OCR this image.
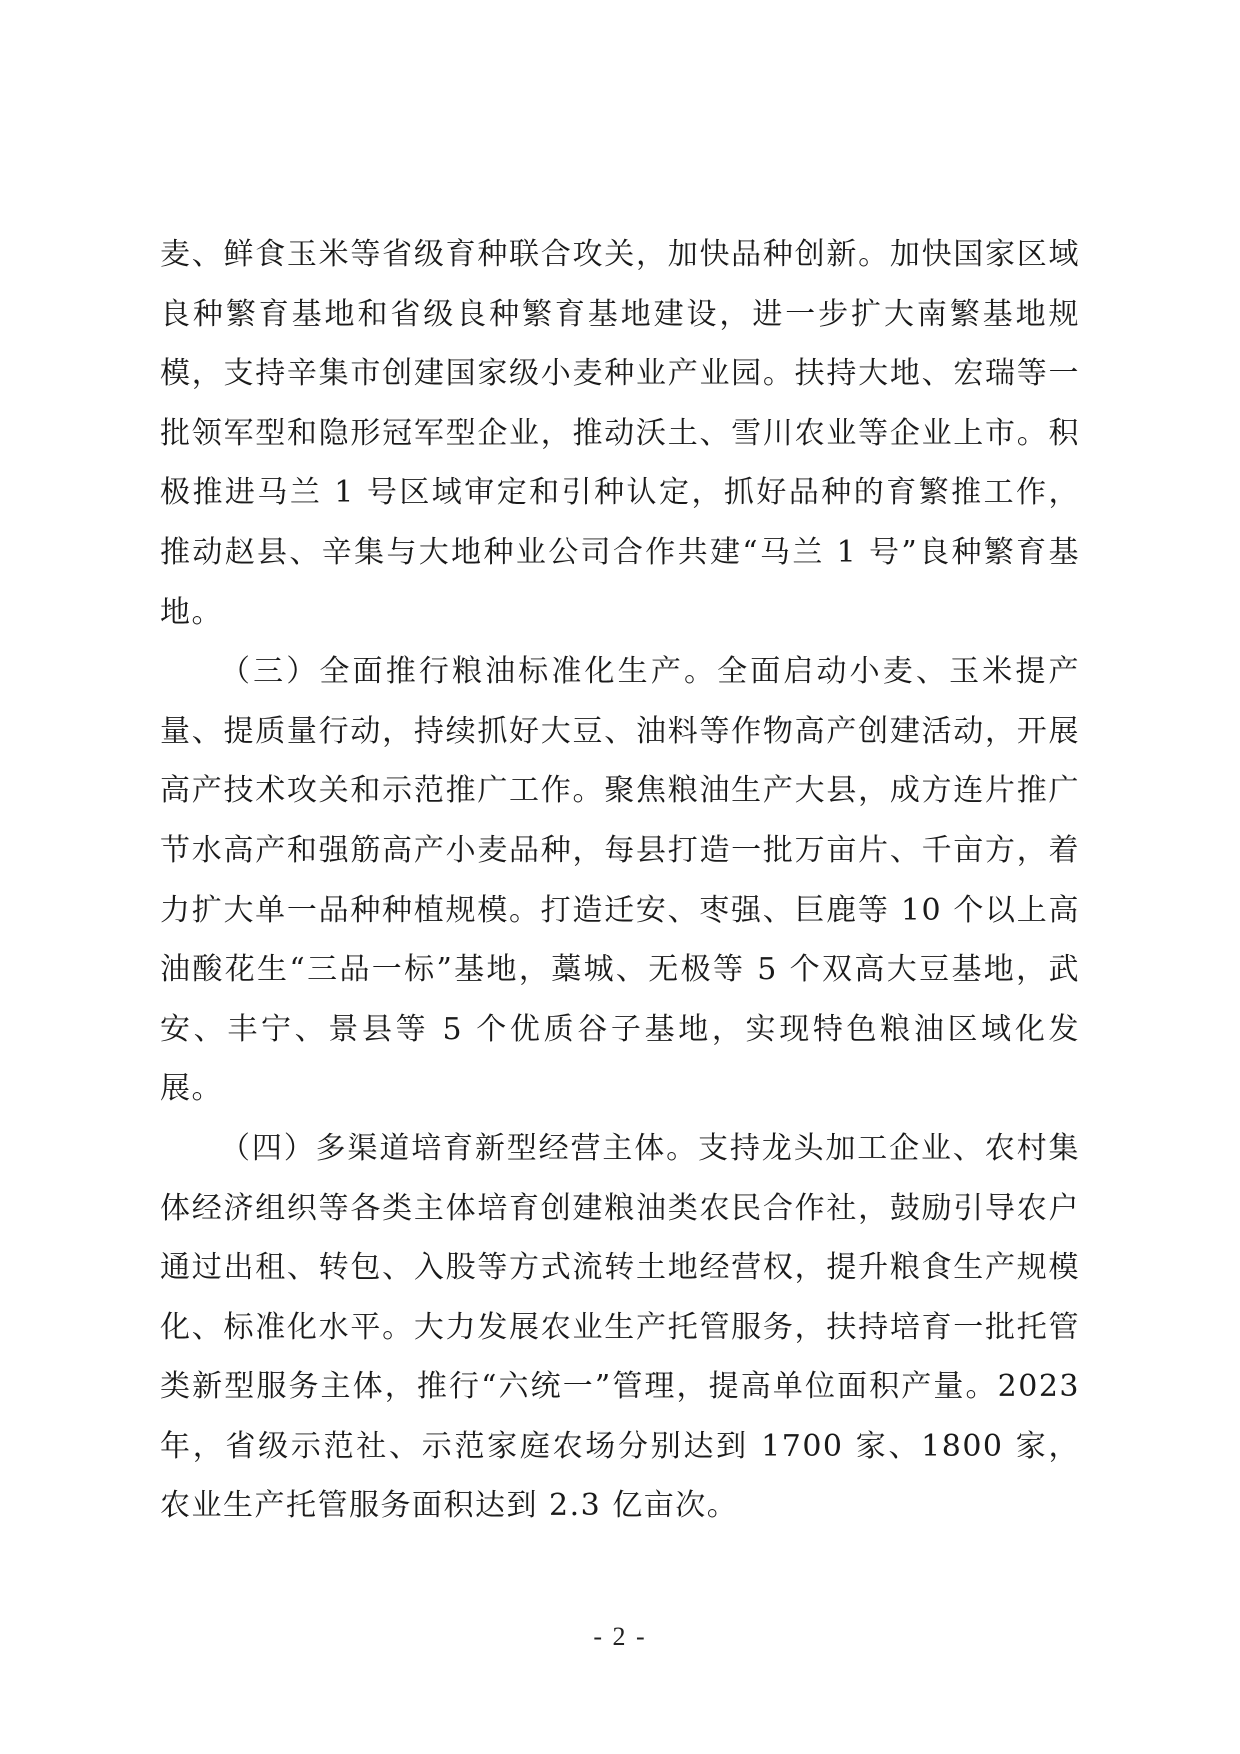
麦、鲜食玉米等省级育种联合攻关，加快品种创新。加快国家区域良种繁育基地和省级良种繁育基地建设，进一步扩大南繁基地规模，支持辛集市创建国家级小麦种业产业园。扶持大地、宏瑞等一批领军型和隐形冠军型企业，推动沃土、雪川农业等企业上市。积极推进马兰 1 号区域审定和引种认定，抓好品种的育繁推工作，推动赵县、辛集与大地种业公司合作共建“马兰 1 号”良种繁育基地。

（三）全面推行粮油标准化生产。全面启动小麦、玉米提产量、提质量行动，持续抓好大豆、油料等作物高产创建活动，开展高产技术攻关和示范推广工作。聚焦粮油生产大县，成方连片推广节水高产和强筋高产小麦品种，每县打造一批万亩片、千亩方，着力扩大单一品种种植规模。打造迁安、枣强、巨鹿等 10 个以上高油酸花生“三品一标”基地，藁城、无极等 5 个双高大豆基地，武安、丰宁、景县等 5 个优质谷子基地，实现特色粮油区域化发展。

（四）多渠道培育新型经营主体。支持龙头加工企业、农村集体经济组织等各类主体培育创建粮油类农民合作社，鼓励引导农户通过出租、转包、入股等方式流转土地经营权，提升粮食生产规模化、标准化水平。大力发展农业生产托管服务，扶持培育一批托管类新型服务主体，推行“六统一”管理，提高单位面积产量。2023 年，省级示范社、示范家庭农场分别达到 1700 家、1800 家，农业生产托管服务面积达到 2.3 亿亩次。

- 2 -
